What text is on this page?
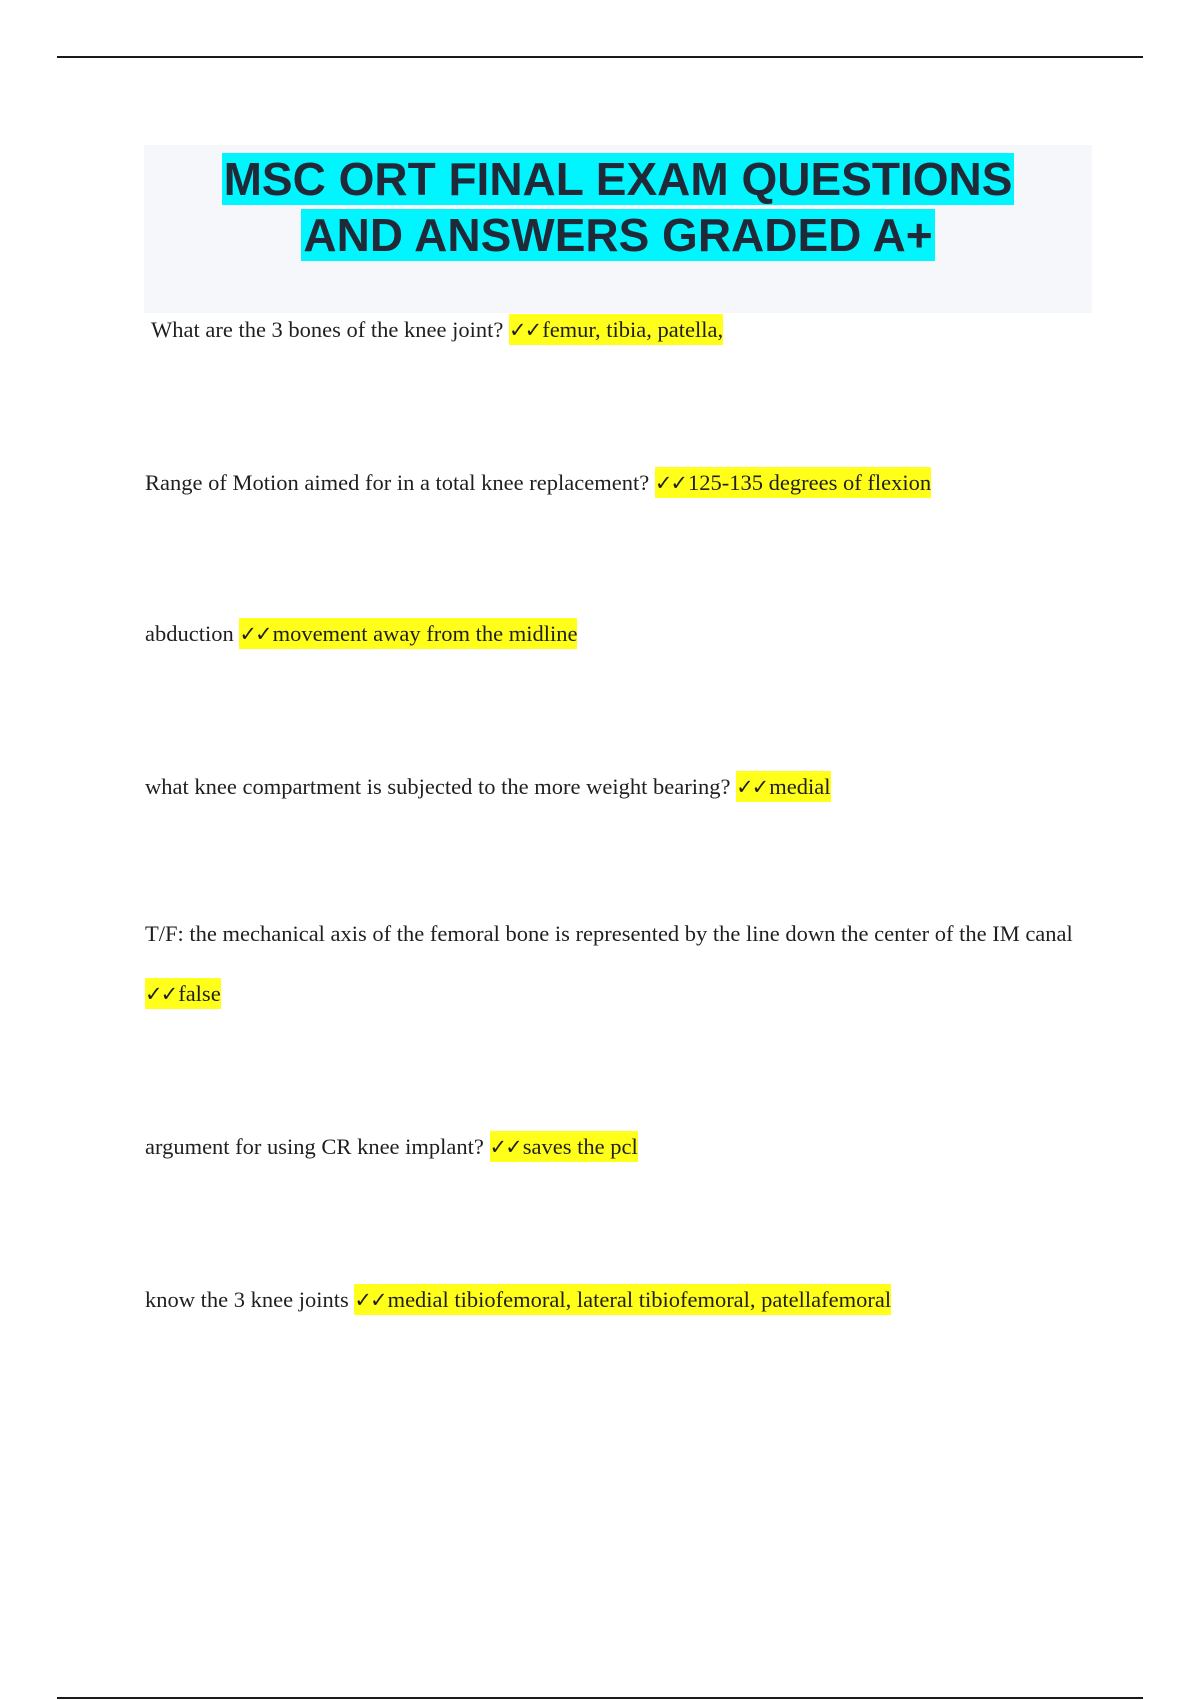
MSC ORT FINAL EXAM QUESTIONS
AND ANSWERS GRADED A+

What are the 3 bones of the knee joint? ✓✓femur, tibia, patella,

Range of Motion aimed for in a total knee replacement? ✓✓125-135 degrees of flexion

abduction ✓✓movement away from the midline

what knee compartment is subjected to the more weight bearing? ✓✓medial

T/F: the mechanical axis of the femoral bone is represented by the line down the center of the IM canal ✓✓false

argument for using CR knee implant? ✓✓saves the pcl

know the 3 knee joints ✓✓medial tibiofemoral, lateral tibiofemoral, patellafemoral
